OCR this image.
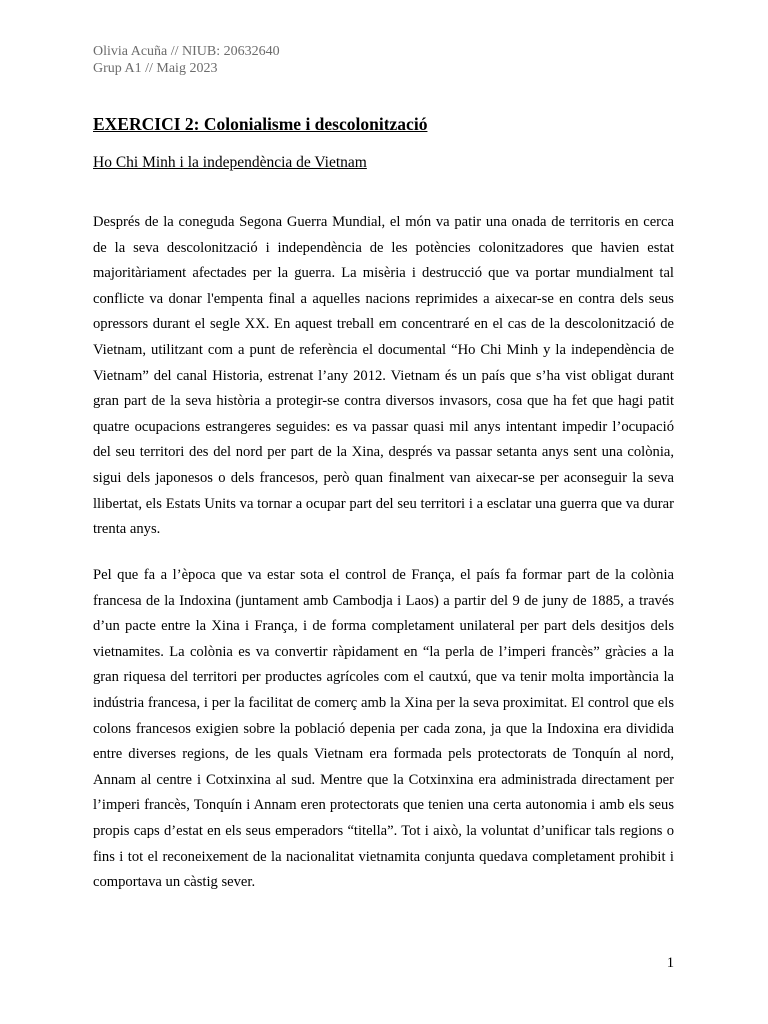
Olivia Acuña // NIUB: 20632640
Grup A1 // Maig 2023
EXERCICI 2: Colonialisme i descolonització
Ho Chi Minh i la independència de Vietnam

Després de la coneguda Segona Guerra Mundial, el món va patir una onada de territoris en cerca de la seva descolonització i independència de les potències colonitzadores que havien estat majoritàriament afectades per la guerra. La misèria i destrucció que va portar mundialment tal conflicte va donar l'empenta final a aquelles nacions reprimides a aixecar-se en contra dels seus opressors durant el segle XX. En aquest treball em concentraré en el cas de la descolonització de Vietnam, utilitzant com a punt de referència el documental “Ho Chi Minh y la independència de Vietnam” del canal Historia, estrenat l’any 2012. Vietnam és un país que s’ha vist obligat durant gran part de la seva història a protegir-se contra diversos invasors, cosa que ha fet que hagi patit quatre ocupacions estrangeres seguides: es va passar quasi mil anys intentant impedir l’ocupació del seu territori des del nord per part de la Xina, després va passar setanta anys sent una colònia, sigui dels japonesos o dels francesos, però quan finalment van aixecar-se per aconseguir la seva llibertat, els Estats Units va tornar a ocupar part del seu territori i a esclatar una guerra que va durar trenta anys.

Pel que fa a l’època que va estar sota el control de França, el país fa formar part de la colònia francesa de la Indoxina (juntament amb Cambodja i Laos) a partir del 9 de juny de 1885, a través d’un pacte entre la Xina i França, i de forma completament unilateral per part dels desitjos dels vietnamites. La colònia es va convertir ràpidament en “la perla de l’imperi francès” gràcies a la gran riquesa del territori per productes agrícoles com el cautxú, que va tenir molta importància la indústria francesa, i per la facilitat de comerç amb la Xina per la seva proximitat. El control que els colons francesos exigien sobre la població depenia per cada zona, ja que la Indoxina era dividida entre diverses regions, de les quals Vietnam era formada pels protectorats de Tonquín al nord, Annam al centre i Cotxinxina al sud. Mentre que la Cotxinxina era administrada directament per l’imperi francès, Tonquín i Annam eren protectorats que tenien una certa autonomia i amb els seus propis caps d’estat en els seus emperadors “titella”. Tot i això, la voluntat d’unificar tals regions o fins i tot el reconeixement de la nacionalitat vietnamita conjunta quedava completament prohibit i comportava un càstig sever.

1
